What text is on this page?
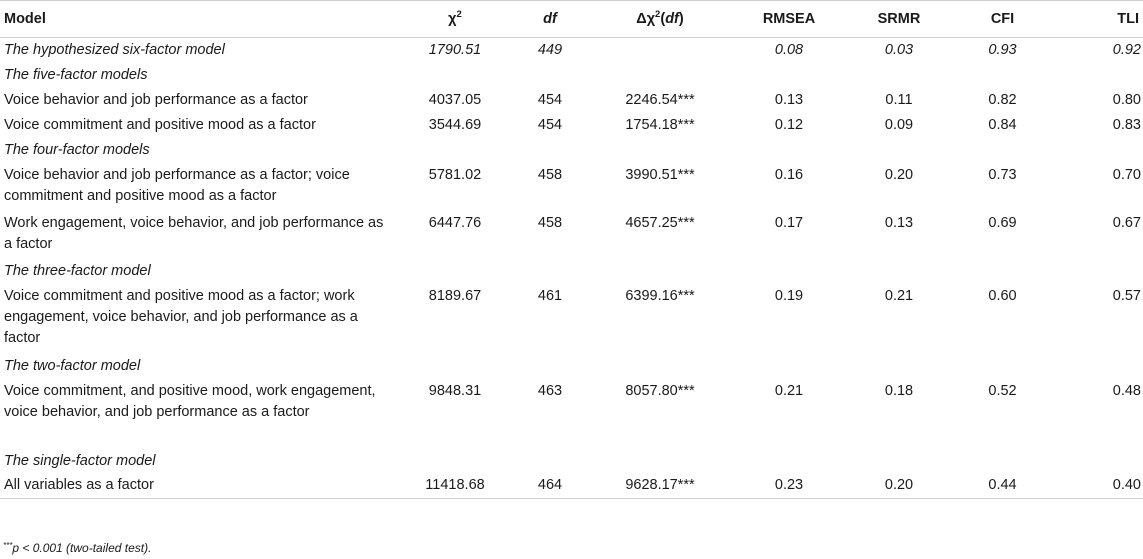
Model	$\chi^2$	df	$\Delta\chi^2(df)$	RMSEA	SRMR	CFI	TLI
The hypothesized six-factor model	1790.51	449		0.08	0.03	0.93	0.92
The five-factor models							
Voice behavior and job performance as a factor	4037.05	454	2246.54***	0.13	0.11	0.82	0.80
Voice commitment and positive mood as a factor	3544.69	454	1754.18***	0.12	0.09	0.84	0.83
The four-factor models							
Voice behavior and job performance as a factor; voice commitment and positive mood as a factor	5781.02	458	3990.51***	0.16	0.20	0.73	0.70
Work engagement, voice behavior, and job performance as a factor	6447.76	458	4657.25***	0.17	0.13	0.69	0.67
The three-factor model							
Voice commitment and positive mood as a factor; work engagement, voice behavior, and job performance as a factor	8189.67	461	6399.16***	0.19	0.21	0.60	0.57
The two-factor model							
Voice commitment, and positive mood, work engagement, voice behavior, and job performance as a factor	9848.31	463	8057.80***	0.21	0.18	0.52	0.48
The single-factor model							
All variables as a factor	11418.68	464	9628.17***	0.23	0.20	0.44	0.40
***p < 0.001 (two-tailed test).
